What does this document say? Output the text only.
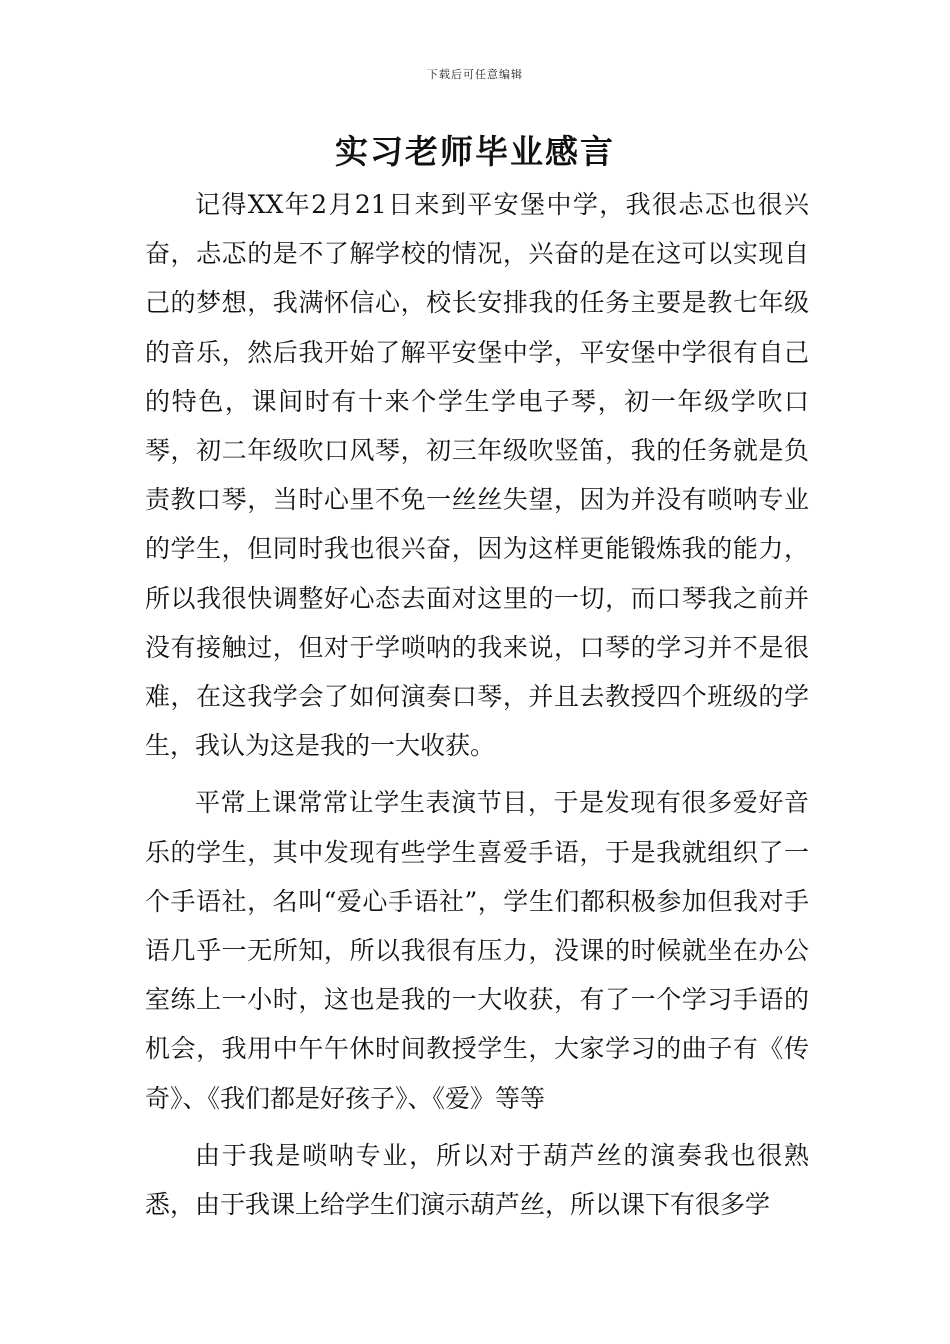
下载后可任意编辑
实习老师毕业感言

记得XX年2月21日来到平安堡中学，我很忐忑也很兴奋，忐忑的是不了解学校的情况，兴奋的是在这可以实现自己的梦想，我满怀信心，校长安排我的任务主要是教七年级的音乐，然后我开始了解平安堡中学，平安堡中学很有自己的特色，课间时有十来个学生学电子琴，初一年级学吹口琴，初二年级吹口风琴，初三年级吹竖笛，我的任务就是负责教口琴，当时心里不免一丝丝失望，因为并没有唢呐专业的学生，但同时我也很兴奋，因为这样更能锻炼我的能力，所以我很快调整好心态去面对这里的一切，而口琴我之前并没有接触过，但对于学唢呐的我来说，口琴的学习并不是很难，在这我学会了如何演奏口琴，并且去教授四个班级的学生，我认为这是我的一大收获。

平常上课常常让学生表演节目，于是发现有很多爱好音乐的学生，其中发现有些学生喜爱手语，于是我就组织了一个手语社，名叫“爱心手语社”，学生们都积极参加但我对手语几乎一无所知，所以我很有压力，没课的时候就坐在办公室练上一小时，这也是我的一大收获，有了一个学习手语的机会，我用中午午休时间教授学生，大家学习的曲子有《传奇》、《我们都是好孩子》、《爱》等等

由于我是唢呐专业，所以对于葫芦丝的演奏我也很熟悉，由于我课上给学生们演示葫芦丝，所以课下有很多学
